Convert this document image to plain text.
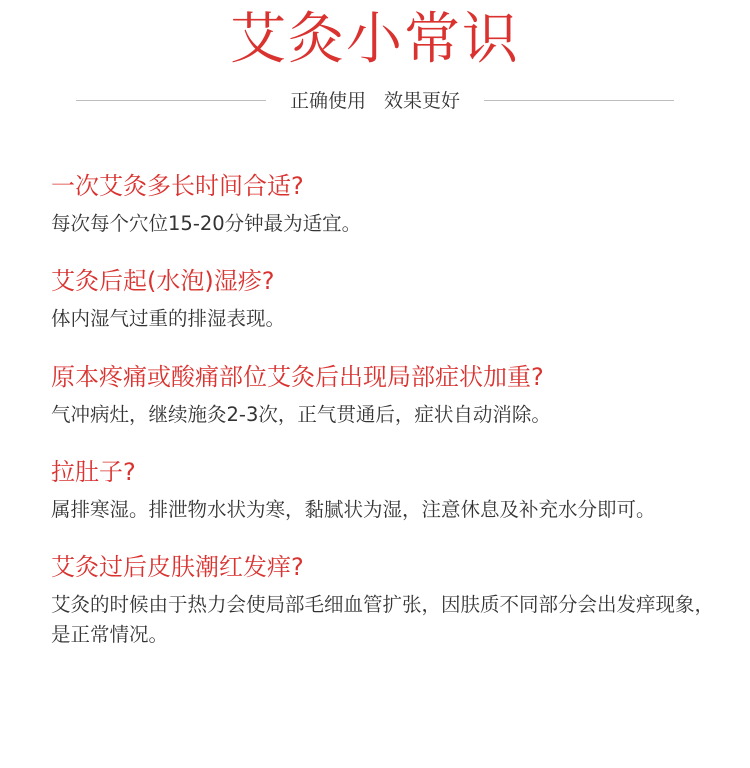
艾灸小常识
正确使用   效果更好
一次艾灸多长时间合适?
每次每个穴位15-20分钟最为适宜。
艾灸后起(水泡)湿疹?
体内湿气过重的排湿表现。
原本疼痛或酸痛部位艾灸后出现局部症状加重?
气冲病灶，继续施灸2-3次，正气贯通后，症状自动消除。
拉肚子?
属排寒湿。排泄物水状为寒，黏腻状为湿，注意休息及补充水分即可。
艾灸过后皮肤潮红发痒?
艾灸的时候由于热力会使局部毛细血管扩张，因肤质不同部分会出发痒现象，是正常情况。
